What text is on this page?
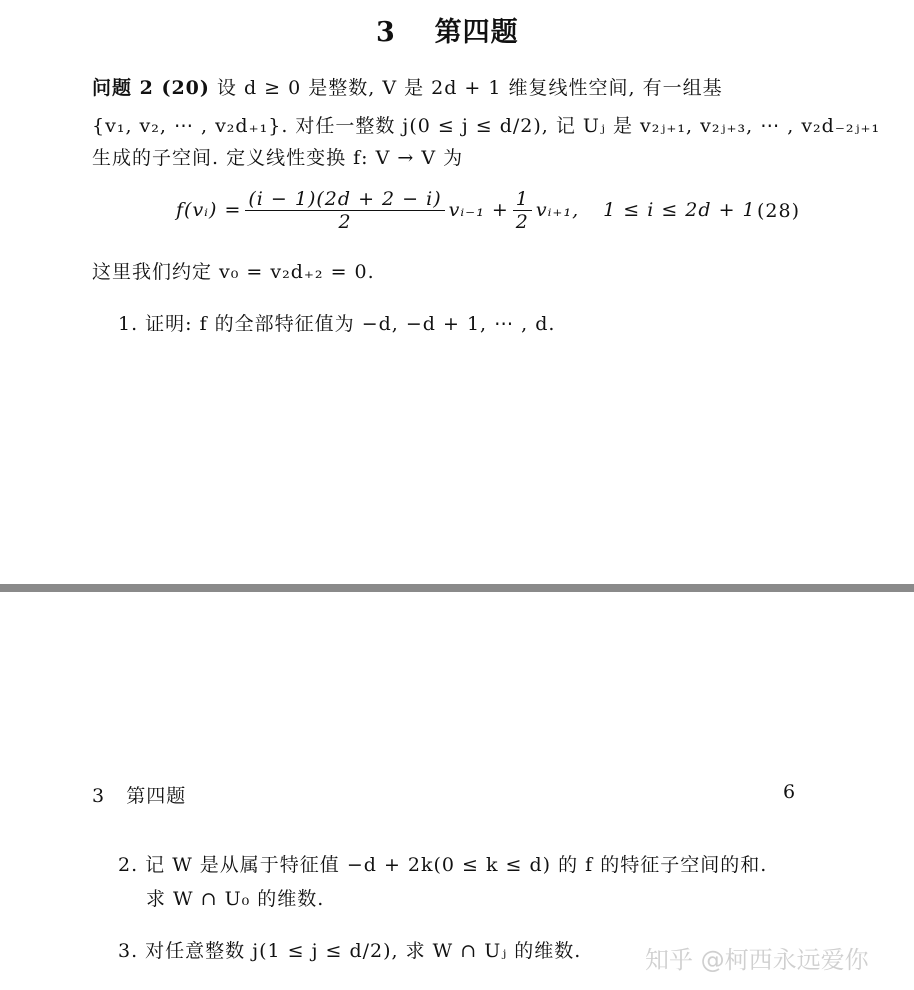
3 第四题
问题 2 (20) 设 d ≥ 0 是整数, V 是 2d + 1 维复线性空间, 有一组基
{v₁, v₂, ⋯ , v₂d₊₁}. 对任一整数 j(0 ≤ j ≤ d/2), 记 Uⱼ 是 v₂ⱼ₊₁, v₂ⱼ₊₃, ⋯ , v₂d₋₂ⱼ₊₁
生成的子空间. 定义线性变换 f: V → V 为
f(vᵢ) = $\frac{(i - 1)(2d + 2 - i)}{2}$ vᵢ₋₁ + $\frac{1}{2}$ vᵢ₊₁, 1 ≤ i ≤ 2d + 1 (28)
这里我们约定 v₀ = v₂d₊₂ = 0.
1. 证明: f 的全部特征值为 −d, −d + 1, ⋯ , d.
3   第四题	6
2. 记 W 是从属于特征值 −d + 2k(0 ≤ k ≤ d) 的 f 的特征子空间的和.
求 W ∩ U₀ 的维数.
3. 对任意整数 j(1 ≤ j ≤ d/2), 求 W ∩ Uⱼ 的维数.	知乎 @柯西永远爱你
